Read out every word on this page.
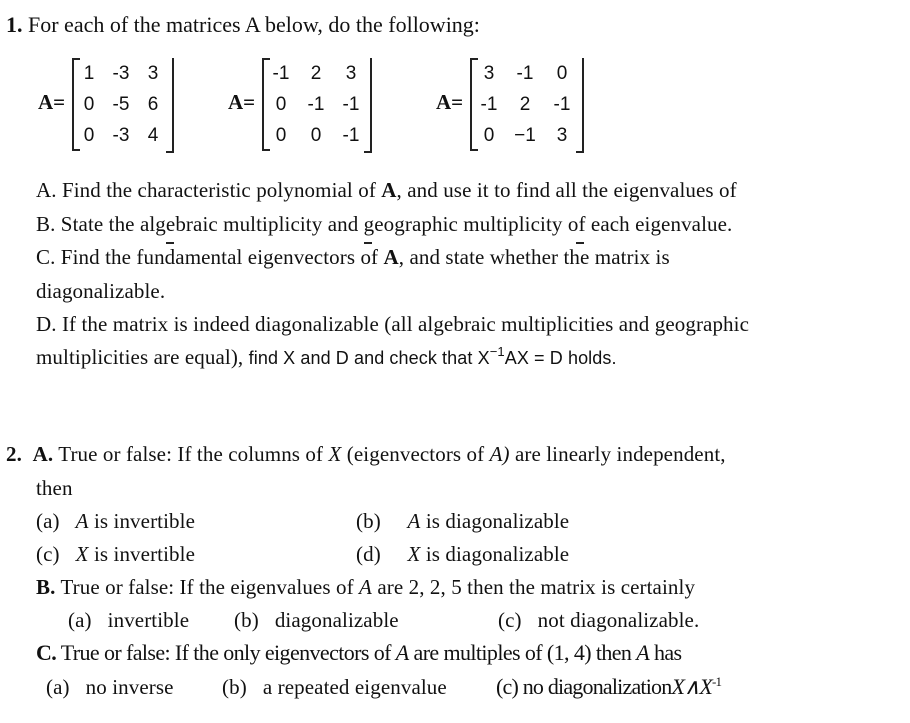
1. For each of the matrices A below, do the following:
A=
1 -3 3
0 -5 6
0 -3 4
A=
-1	2	3
0	-1 -1
0	0	-1
A=
3	-1	0
-1	2	-1
0	−1	3
A. Find the characteristic polynomial of A, and use it to find all the eigenvalues of
B. State the algebraic multiplicity and geographic multiplicity of each eigenvalue.
C. Find the fundamental eigenvectors of A, and state whether the matrix is
diagonalizable.
D. If the matrix is indeed diagonalizable (all algebraic multiplicities and geographic
multiplicities are equal), find X and D and check that $X^{-1}AX = D$ holds.
2. A. True or false: If the columns of X (eigenvectors of A) are linearly independent,
then
(a) A is invertible	(b) A is diagonalizable
(c) X is invertible	(d) X is diagonalizable
B. True or false: If the eigenvalues of A are 2, 2, 5 then the matrix is certainly
(a)   invertible (b)   diagonalizable	(c)   not diagonalizable.
C. True or false: If the only eigenvectors of A are multiples of (1, 4) then A has
(a)   no inverse (b)   a repeated eigenvalue (c) no $diagonalizationX\wedge X^{-1}$
